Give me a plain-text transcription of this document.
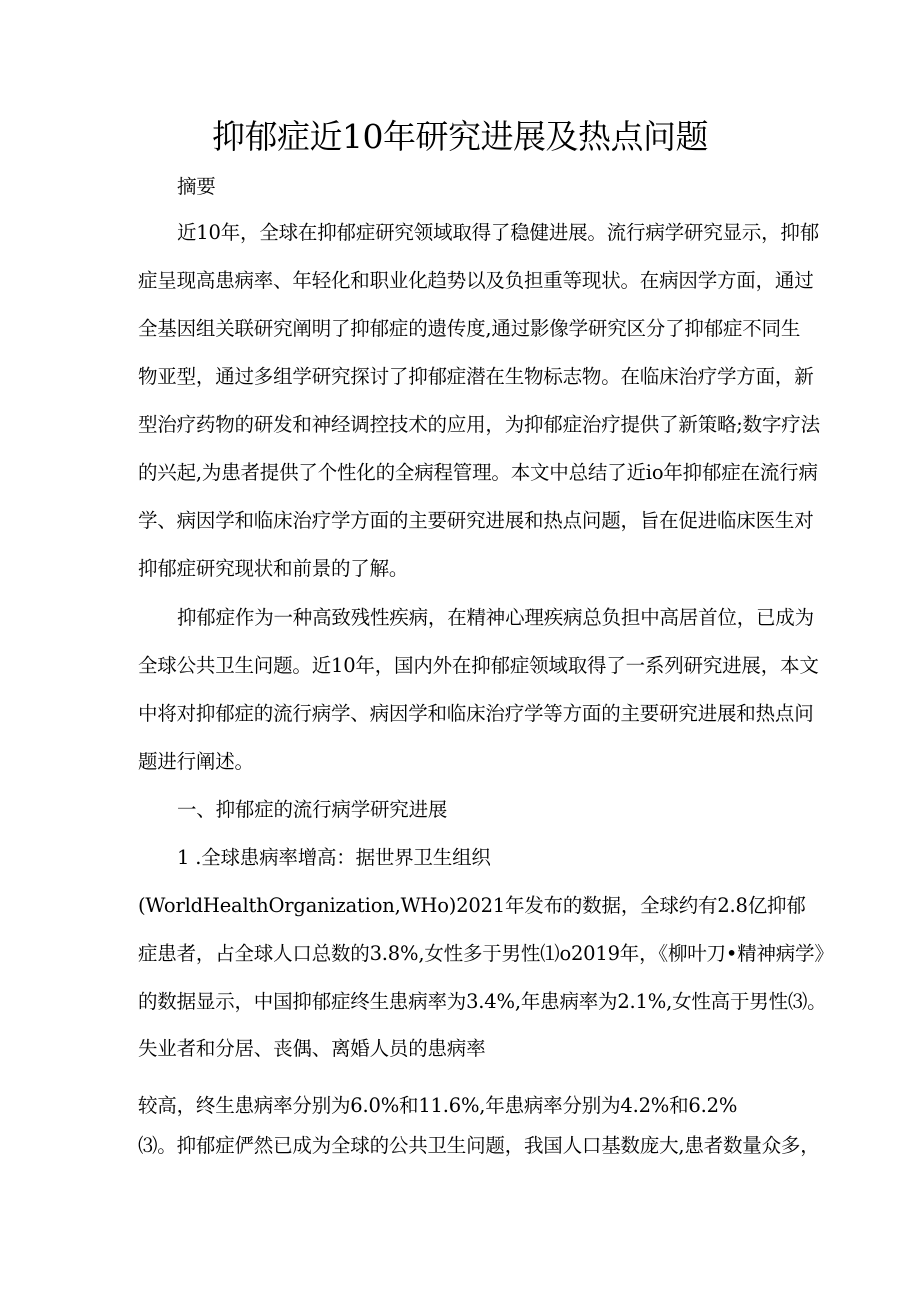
抑郁症近10年研究进展及热点问题
摘要
近10年，全球在抑郁症研究领域取得了稳健进展。流行病学研究显示，抑郁
症呈现高患病率、年轻化和职业化趋势以及负担重等现状。在病因学方面，通过
全基因组关联研究阐明了抑郁症的遗传度,通过影像学研究区分了抑郁症不同生
物亚型，通过多组学研究探讨了抑郁症潜在生物标志物。在临床治疗学方面，新
型治疗药物的研发和神经调控技术的应用，为抑郁症治疗提供了新策略;数字疗法
的兴起,为患者提供了个性化的全病程管理。本文中总结了近io年抑郁症在流行病
学、病因学和临床治疗学方面的主要研究进展和热点问题，旨在促进临床医生对
抑郁症研究现状和前景的了解。
抑郁症作为一种高致残性疾病，在精神心理疾病总负担中高居首位，已成为
全球公共卫生问题。近10年，国内外在抑郁症领域取得了一系列研究进展，本文
中将对抑郁症的流行病学、病因学和临床治疗学等方面的主要研究进展和热点问
题进行阐述。
一、抑郁症的流行病学研究进展
1 .全球患病率增高：据世界卫生组织
(WorldHealthOrganization,WHo)2021年发布的数据，全球约有2.8亿抑郁
症患者，占全球人口总数的3.8%,女性多于男性⑴o2019年，《柳叶刀•精神病学》
的数据显示，中国抑郁症终生患病率为3.4%,年患病率为2.1%,女性高于男性⑶。
失业者和分居、丧偶、离婚人员的患病率
较高，终生患病率分别为6.0%和11.6%,年患病率分别为4.2%和6.2%
⑶。抑郁症俨然已成为全球的公共卫生问题，我国人口基数庞大,患者数量众多，
